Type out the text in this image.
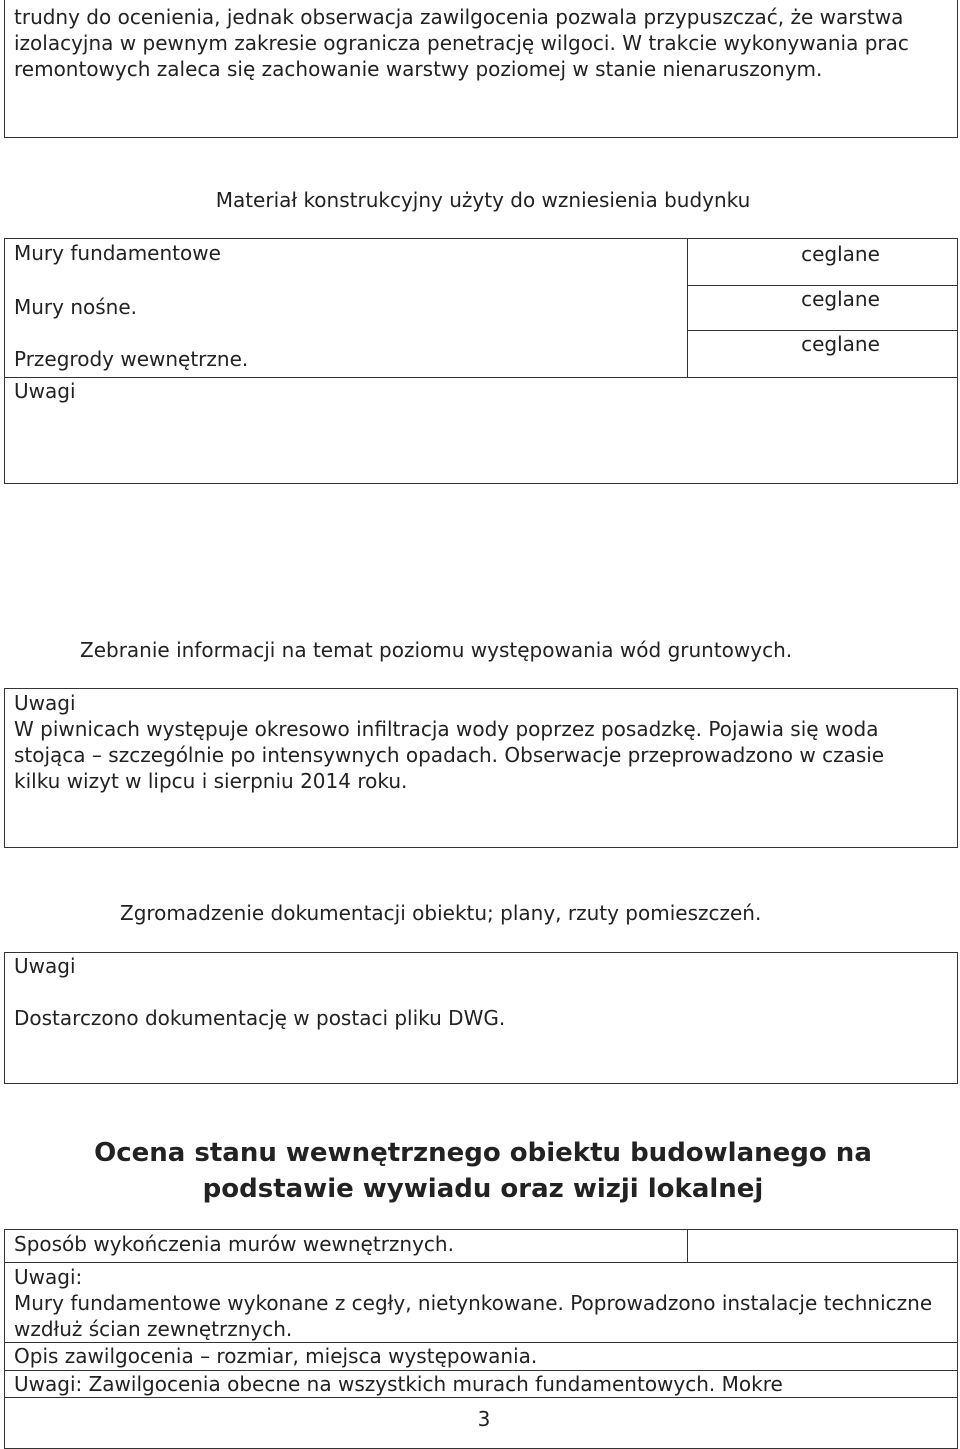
trudny do ocenienia, jednak obserwacja zawilgocenia pozwala przypuszczać, że warstwa izolacyjna w pewnym zakresie ogranicza penetrację wilgoci. W trakcie wykonywania prac remontowych zaleca się zachowanie warstwy poziomej w stanie nienaruszonym.
Materiał konstrukcyjny użyty do wzniesienia budynku
Mury fundamentowe
Mury nośne.
Przegrody wewnętrzne.
ceglane
ceglane
ceglane
Uwagi
Zebranie informacji na temat poziomu występowania wód gruntowych.
Uwagi
W piwnicach występuje okresowo infiltracja wody poprzez posadzkę. Pojawia się woda stojąca – szczególnie po intensywnych opadach. Obserwacje przeprowadzono w czasie kilku wizyt w lipcu i sierpniu 2014 roku.
Zgromadzenie dokumentacji obiektu; plany, rzuty pomieszczeń.
Uwagi
Dostarczono dokumentację w postaci pliku DWG.
Ocena stanu wewnętrznego obiektu budowlanego na
podstawie wywiadu oraz wizji lokalnej
Sposób wykończenia murów wewnętrznych.
Uwagi:
Mury fundamentowe wykonane z cegły, nietynkowane. Poprowadzono instalacje techniczne wzdłuż ścian zewnętrznych.
Opis zawilgocenia – rozmiar, miejsca występowania.
Uwagi: Zawilgocenia obecne na wszystkich murach fundamentowych. Mokre
3
